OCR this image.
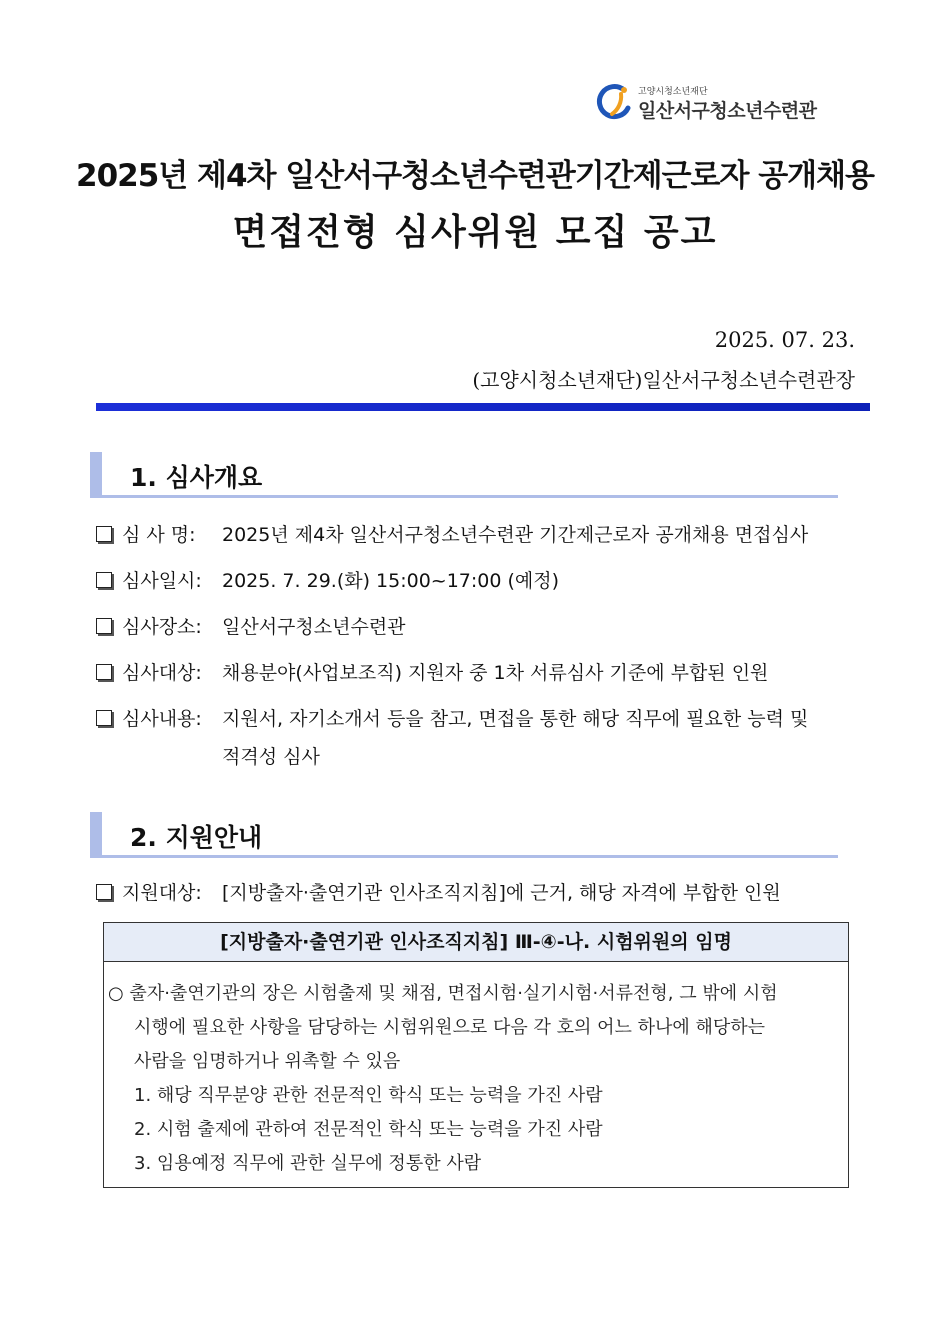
고양시청소년재단
일산서구청소년수련관
2025년 제4차 일산서구청소년수련관기간제근로자 공개채용
면접전형 심사위원 모집 공고
2025. 07. 23.
(고양시청소년재단)일산서구청소년수련관장
1. 심사개요
심 사 명: 2025년 제4차 일산서구청소년수련관 기간제근로자 공개채용 면접심사
심사일시: 2025. 7. 29.(화) 15:00~17:00 (예정)
심사장소: 일산서구청소년수련관
심사대상: 채용분야(사업보조직) 지원자 중 1차 서류심사 기준에 부합된 인원
심사내용: 지원서, 자기소개서 등을 참고, 면접을 통한 해당 직무에 필요한 능력 및
적격성 심사
2. 지원안내
지원대상: [지방출자·출연기관 인사조직지침]에 근거, 해당 자격에 부합한 인원
[지방출자·출연기관 인사조직지침] Ⅲ-④-나. 시험위원의 임명
○ 출자·출연기관의 장은 시험출제 및 채점, 면접시험·실기시험·서류전형, 그 밖에 시험
시행에 필요한 사항을 담당하는 시험위원으로 다음 각 호의 어느 하나에 해당하는
사람을 임명하거나 위촉할 수 있음
1. 해당 직무분양 관한 전문적인 학식 또는 능력을 가진 사람
2. 시험 출제에 관하여 전문적인 학식 또는 능력을 가진 사람
3. 임용예정 직무에 관한 실무에 정통한 사람
